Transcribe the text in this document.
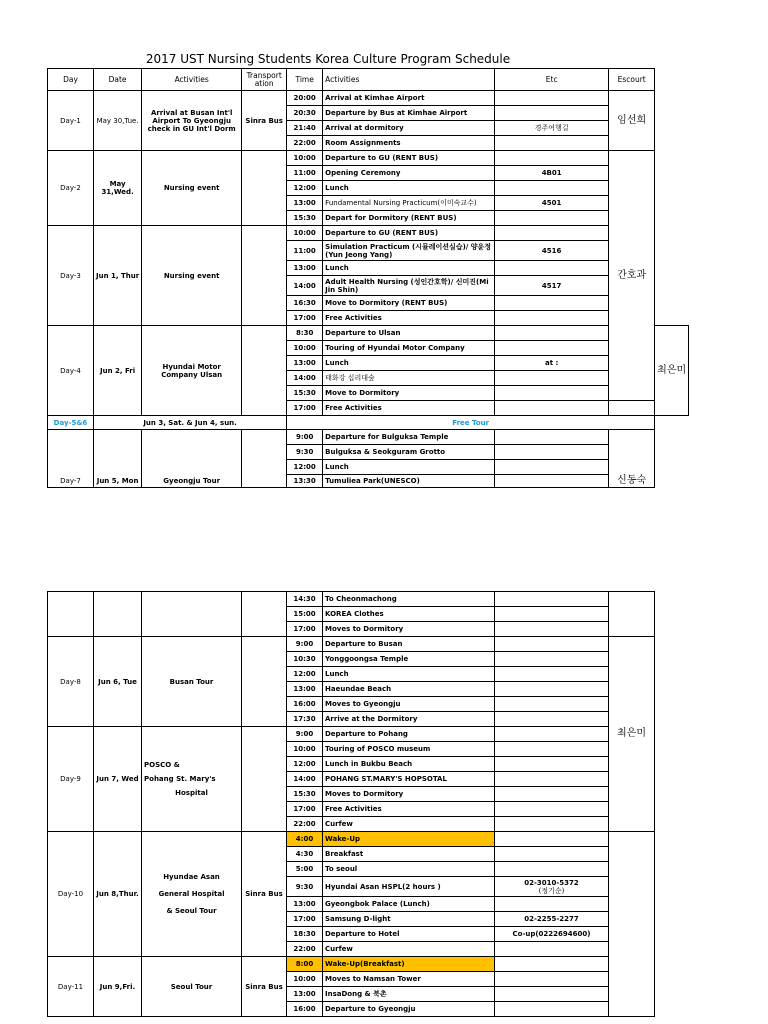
2017 UST Nursing Students Korea Culture Program Schedule
Day	Date	Activities	Transport ation	Time	Activities	Etc	Escourt	
Day-1	May 30,Tue.	Arrival at Busan Int'l Airport To Gyeongju check in GU Int'l Dorm	Sinra Bus	20:00	Arrival at Kimhae Airport		임선희	
				20:30	Departure by Bus at Kimhae Airport			
				21:40	Arrival at dormitory	경주여행길		
				22:00	Room Assignments			
Day-2	May 31,Wed.	Nursing event		10:00	Departure to GU (RENT BUS)		간호과	
				11:00	Opening Ceremony	4B01		
				12:00	Lunch			
				13:00	Fundamental Nursing Practicum(이미숙교수)	4501		
				15:30	Depart for Dormitory (RENT BUS)			
Day-3	Jun 1, Thur	Nursing event		10:00	Departure to GU (RENT BUS)			
				11:00	Simulation Practicum (시뮬레이션실습)/ 양윤정(Yun Jeong Yang)	4516		
				13:00	Lunch			
				14:00	Adult Health Nursing (성인간호학)/ 신미진(Mi Jin Shin)	4517		
				16:30	Move to Dormitory (RENT BUS)			
				17:00	Free Activities			
Day-4	Jun 2, Fri	Hyundai Motor Company Ulsan		8:30	Departure to Ulsan			최은미
				10:00	Touring of Hyundai Motor Company			
				13:00	Lunch	at :		
				14:00	태화강 십리대숲			
				15:30	Move to Dormitory			
				17:00	Free Activities			
Day-5&6	Jun 3, Sat. & Jun 4, sun.			Free Tour				
Day-7	Jun 5, Mon	Gyeongju Tour		9:00	Departure for Bulguksa Temple		신동숙	
				9:30	Bulguksa & Seokguram Grotto			
				12:00	Lunch			
				13:30	Tumuliea Park(UNESCO)			
				14:30	To Cheonmachong		
				15:00	KOREA Clothes		
				17:00	Moves to Dormitory		
Day-8	Jun 6, Tue	Busan Tour		9:00	Departure to Busan		최은미
				10:30	Yonggoongsa Temple		
				12:00	Lunch		
				13:00	Haeundae Beach		
				16:00	Moves to Gyeongju		
				17:30	Arrive at the Dormitory		
Day-9	Jun 7, Wed	POSCO &
Pohang St. Mary's
Hospital		9:00	Departure to Pohang		
				10:00	Touring of POSCO museum		
				12:00	Lunch in Bukbu Beach		
				14:00	POHANG ST.MARY'S HOPSOTAL		
				15:30	Moves to Dormitory		
				17:00	Free Activities		
				22:00	Curfew		
Day-10	Jun 8,Thur.	Hyundae Asan
General Hospital
& Seoul Tour	Sinra Bus	4:00	Wake-Up		
				4:30	Breakfast		
				5:00	To seoul		
				9:30	Hyundai Asan HSPL(2 hours )	02-3010-5372
(정기순)	

				13:00	Gyeongbok Palace (Lunch)		
				17:00	Samsung D-light	02-2255-2277	
				18:30	Departure to Hotel	Co-up(0222694600)	
				22:00	Curfew		
Day-11	Jun 9,Fri.	Seoul Tour	Sinra Bus	8:00	Wake-Up(Breakfast)		
				10:00	Moves to Namsan Tower		
				13:00	InsaDong & 북촌		
				16:00	Departure to Gyeongju		
